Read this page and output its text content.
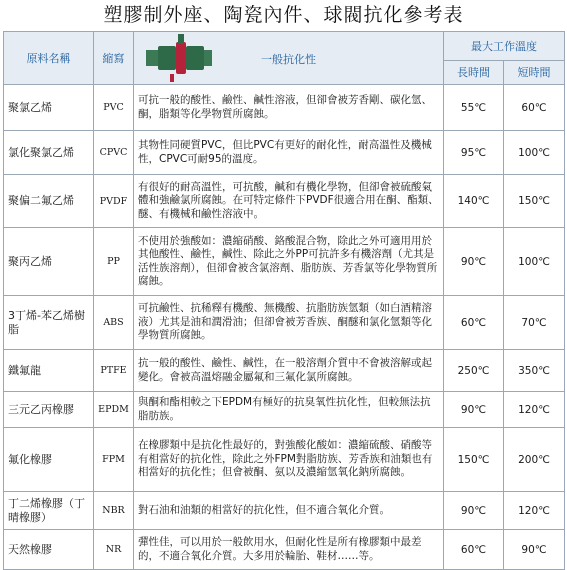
塑膠制外座、陶瓷內件、球閥抗化參考表
原料名稱	縮寫	一般抗化性	最大工作溫度	
			長時間	短時間
聚氯乙烯	PVC	可抗一般的酸性、鹼性、鹹性溶液，但卻會被芳香剛、碳化氫、酮，脂類等化學物質所腐蝕。	55℃	60℃
氯化聚氯乙烯	CPVC	其物性同硬質PVC，但比PVC有更好的耐化性，耐高溫性及機械性，CPVC可耐95的溫度。	95℃	100℃
聚偏二氟乙烯	PVDF	有很好的耐高溫性，可抗酸，鹹和有機化學物，但卻會被硫酸氣體和強鹼氯所腐蝕。在可特定條件下PVDF很適合用在酮、酯類、醚、有機械和鹼性溶液中。	140℃	150℃
聚丙乙烯	PP	不使用於強酸如：濃縮硝酸、鉻酸混合物，除此之外可適用用於其他酸性、鹼性，鹹性、除此之外PP可抗許多有機溶劑（尤其是活性族溶劑），但卻會被含氯溶劑、脂肪族、芳香氯等化學物質所腐蝕。	90℃	100℃
3丁烯-苯乙烯樹脂	ABS	可抗鹼性、抗稀釋有機酸、無機酸、抗脂肪族氫類（如白酒精溶液）尤其是油和潤滑油；但卻會被芳香族、酮醚和氯化氫類等化學物質所腐蝕。	60℃	70℃
鐵氟龍	PTFE	抗一般的酸性、鹼性、鹹性，在一般溶劑介質中不會被溶解或起變化。會被高溫熔融金屬氟和三氟化氯所腐蝕。	250℃	350℃
三元乙丙橡膠	EPDM	與酮和酯相較之下EPDM有極好的抗臭氧性抗化性，但較無法抗脂肪族。	90℃	120℃
氟化橡膠	FPM	在橡膠類中是抗化性最好的，對強酸化酸如：濃縮硫酸、硝酸等有相當好的抗化性，除此之外FPM對脂肪族、芳香族和油類也有相當好的抗化性；但會被酮、氨以及濃縮氫氧化鈉所腐蝕。	150℃	200℃
丁二烯橡膠（丁晴橡膠）	NBR	對石油和油類的相當好的抗化性，但不適合氧化介質。	90℃	120℃
天然橡膠	NR	彈性佳，可以用於一般飲用水，但耐化性是所有橡膠類中最差的，不適合氧化介質。大多用於輪胎、鞋材……等。	60℃	90℃
